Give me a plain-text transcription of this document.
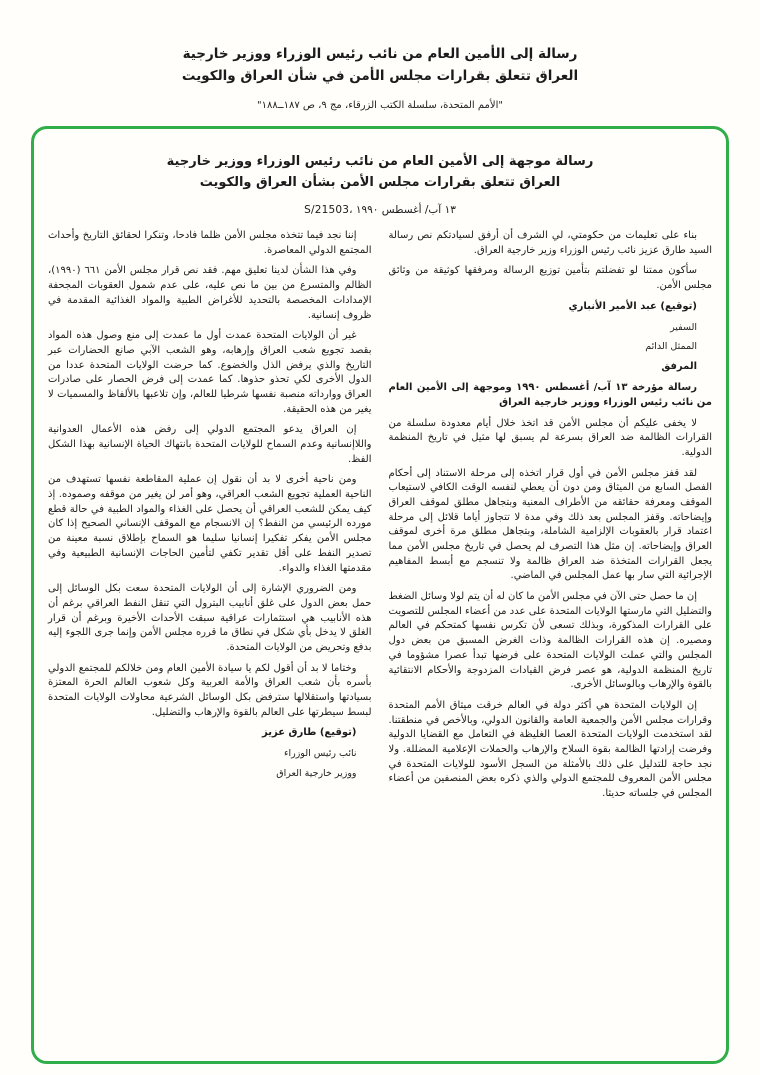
رسالة إلى الأمين العام من نائب رئيس الوزراء ووزير خارجية
العراق تتعلق بقرارات مجلس الأمن في شأن العراق والكويت
"الأمم المتحدة، سلسلة الكتب الزرقاء، مج ٩، ص ١٨٧ــ١٨٨"
رسالة موجهة إلى الأمين العام من نائب رئيس الوزراء ووزير خارجية
العراق تتعلق بقرارات مجلس الأمن بشأن العراق والكويت
S/21503، ١٣ آب/ أغسطس ١٩٩٠

بناء على تعليمات من حكومتي، لي الشرف أن أرفق لسيادتكم نص رسالة السيد طارق عزيز نائب رئيس الوزراء وزير خارجية العراق.

سأكون ممتنا لو تفضلتم بتأمين توزيع الرسالة ومرفقها كوثيقة من وثائق مجلس الأمن.

(توقيع) عبد الأمير الأنباري

السفير

الممثل الدائم

المرفق

رسالة مؤرخة ١٣ آب/ أغسطس ١٩٩٠ وموجهة إلى الأمين العام من نائب رئيس الوزراء ووزير خارجية العراق

لا يخفى عليكم أن مجلس الأمن قد اتخذ خلال أيام معدودة سلسلة من القرارات الظالمة ضد العراق بسرعة لم يسبق لها مثيل في تاريخ المنظمة الدولية.

لقد قفز مجلس الأمن في أول قرار اتخذه إلى مرحلة الاستناد إلى أحكام الفصل السابع من الميثاق ومن دون أن يعطي لنفسه الوقت الكافي لاستيعاب الموقف ومعرفة حقائقه من الأطراف المعنية وبتجاهل مطلق لموقف العراق وإيضاحاته. وقفز المجلس بعد ذلك وفي مدة لا تتجاوز أياما قلائل إلى مرحلة اعتماد قرار بالعقوبات الإلزامية الشاملة، وبتجاهل مطلق مرة أخرى لموقف العراق وإيضاحاته. إن مثل هذا التصرف لم يحصل في تاريخ مجلس الأمن مما يجعل القرارات المتخذة ضد العراق ظالمة ولا تنسجم مع أبسط المفاهيم الإجرائية التي سار بها عمل المجلس في الماضي.

إن ما حصل حتى الآن في مجلس الأمن ما كان له أن يتم لولا وسائل الضغط والتضليل التي مارستها الولايات المتحدة على عدد من أعضاء المجلس للتصويت على القرارات المذكورة، وبذلك تسعى لأن تكرس نفسها كمتحكم في العالم ومصيره. إن هذه القرارات الظالمة وذات الغرض المسبق من بعض دول المجلس والتي عملت الولايات المتحدة على فرضها تبدأ عصرا مشؤوما في تاريخ المنظمة الدولية، هو عصر فرض القيادات المزدوجة والأحكام الانتقائية بالقوة والإرهاب وبالوسائل الأخرى.

إن الولايات المتحدة هي أكثر دولة في العالم خرقت ميثاق الأمم المتحدة وقرارات مجلس الأمن والجمعية العامة والقانون الدولي، وبالأخص في منطقتنا. لقد استخدمت الولايات المتحدة العصا الغليظة في التعامل مع القضايا الدولية وفرضت إرادتها الظالمة بقوة السلاح والإرهاب والحملات الإعلامية المضللة. ولا نجد حاجة للتدليل على ذلك بالأمثلة من السجل الأسود للولايات المتحدة في مجلس الأمن المعروف للمجتمع الدولي والذي ذكره بعض المنصفين من أعضاء المجلس في جلساته حديثا.

إننا نجد فيما تتخذه مجلس الأمن ظلما فادحا، وتنكرا لحقائق التاريخ وأحداث المجتمع الدولي المعاصرة.

وفي هذا الشأن لدينا تعليق مهم. فقد نص قرار مجلس الأمن ٦٦١ (١٩٩٠)، الظالم والمتسرع من بين ما نص عليه، على عدم شمول العقوبات المجحفة الإمدادات المخصصة بالتحديد للأغراض الطبية والمواد الغذائية المقدمة في ظروف إنسانية.

غير أن الولايات المتحدة عمدت أول ما عمدت إلى منع وصول هذه المواد بقصد تجويع شعب العراق وإرهابه، وهو الشعب الآبي صانع الحضارات عبر التاريخ والذي يرفض الذل والخضوع. كما حرضت الولايات المتحدة عددا من الدول الأخرى لكي تحذو حذوها. كما عمدت إلى فرض الحصار على صادرات العراق ووارداته منصبة نفسها شرطيا للعالم، وإن تلاعبها بالألفاظ والمسميات لا يغير من هذه الحقيقة.

إن العراق يدعو المجتمع الدولي إلى رفض هذه الأعمال العدوانية واللاإنسانية وعدم السماح للولايات المتحدة بانتهاك الحياة الإنسانية بهذا الشكل الفظ.

ومن ناحية أخرى لا بد أن نقول إن عملية المقاطعة نفسها تستهدف من الناحية العملية تجويع الشعب العراقي، وهو أمر لن يغير من موقفه وصموده. إذ كيف يمكن للشعب العراقي أن يحصل على الغذاء والمواد الطبية في حالة قطع مورده الرئيسي من النفط؟ إن الانسجام مع الموقف الإنساني الصحيح إذا كان مجلس الأمن يفكر تفكيرا إنسانيا سليما هو السماح بإطلاق نسبة معينة من تصدير النفط على أقل تقدير تكفي لتأمين الحاجات الإنسانية الطبيعية وفي مقدمتها الغذاء والدواء.

ومن الضروري الإشارة إلى أن الولايات المتحدة سعت بكل الوسائل إلى حمل بعض الدول على غلق أنابيب البترول التي تنقل النفط العراقي برغم أن هذه الأنابيب هي استثمارات عراقية سبقت الأحداث الأخيرة وبرغم أن قرار الغلق لا يدخل بأي شكل في نطاق ما قرره مجلس الأمن وإنما جرى اللجوء إليه بدفع وتحريض من الولايات المتحدة.

وختاما لا بد أن أقول لكم يا سيادة الأمين العام ومن خلالكم للمجتمع الدولي بأسره بأن شعب العراق والأمة العربية وكل شعوب العالم الحرة المعتزة بسيادتها واستقلالها سترفض بكل الوسائل الشرعية محاولات الولايات المتحدة لبسط سيطرتها على العالم بالقوة والإرهاب والتضليل.

(توقيع) طارق عزيز

نائب رئيس الوزراء

ووزير خارجية العراق
